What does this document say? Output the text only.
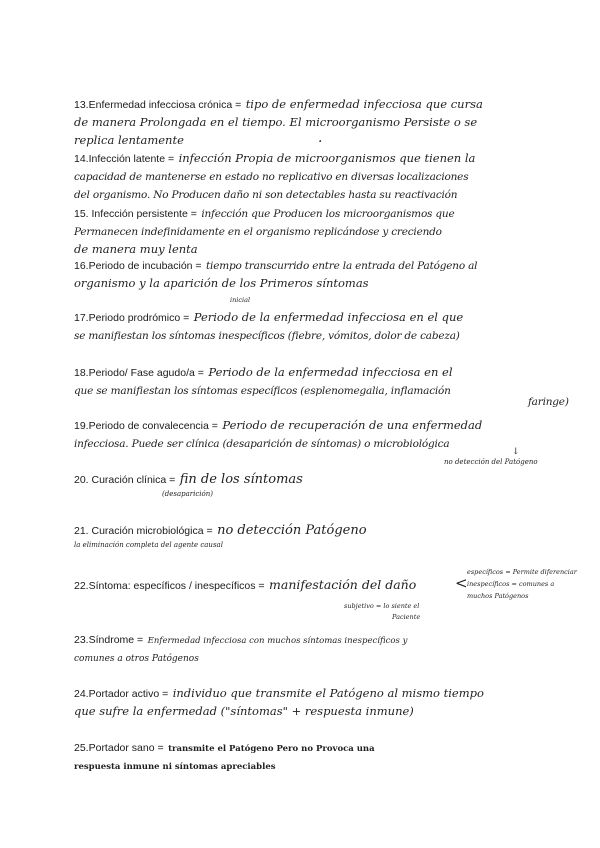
13.Enfermedad infecciosa crónica = tipo de enfermedad infecciosa que cursa
de manera Prolongada en el tiempo. El microorganismo Persiste o se
replica lentamente	·
14.Infección latente = infección Propia de microorganismos que tienen la
capacidad de mantenerse en estado no replicativo en diversas localizaciones
del organismo. No Producen daño ni son detectables hasta su reactivación
15. Infección persistente = infección que Producen los microorganismos que
Permanecen indefinidamente en el organismo replicándose y creciendo
de manera muy lenta
16.Periodo de incubación = tiempo transcurrido entre la entrada del Patógeno al
organismo y la aparición de los Primeros síntomas
inicial
17.Periodo prodrómico = Periodo de la enfermedad infecciosa en el que
se manifiestan los síntomas inespecíficos (fiebre, vómitos, dolor de cabeza)
18.Periodo/ Fase agudo/a = Periodo de la enfermedad infecciosa en el
que se manifiestan los síntomas específicos (esplenomegalia, inflamación
faringe)
19.Periodo de convalecencia = Periodo de recuperación de una enfermedad
infecciosa. Puede ser clínica (desaparición de síntomas) o microbiológica
↓
no detección del Patógeno
20. Curación clínica = fin de los síntomas
(desaparición)
21. Curación microbiológica = no detección Patógeno
la eliminación completa del agente causal
22.Síntoma: específicos / inespecíficos = manifestación del daño	<
específicos = Permite diferenciar
inespecíficos = comunes a
muchos Patógenos
subjetivo = lo siente el
Paciente
23.Síndrome = Enfermedad infecciosa con muchos síntomas inespecíficos y
comunes a otros Patógenos
24.Portador activo = individuo que transmite el Patógeno al mismo tiempo
que sufre la enfermedad ("síntomas" + respuesta inmune)
25.Portador sano = transmite el Patógeno Pero no Provoca una
respuesta inmune ni síntomas apreciables
